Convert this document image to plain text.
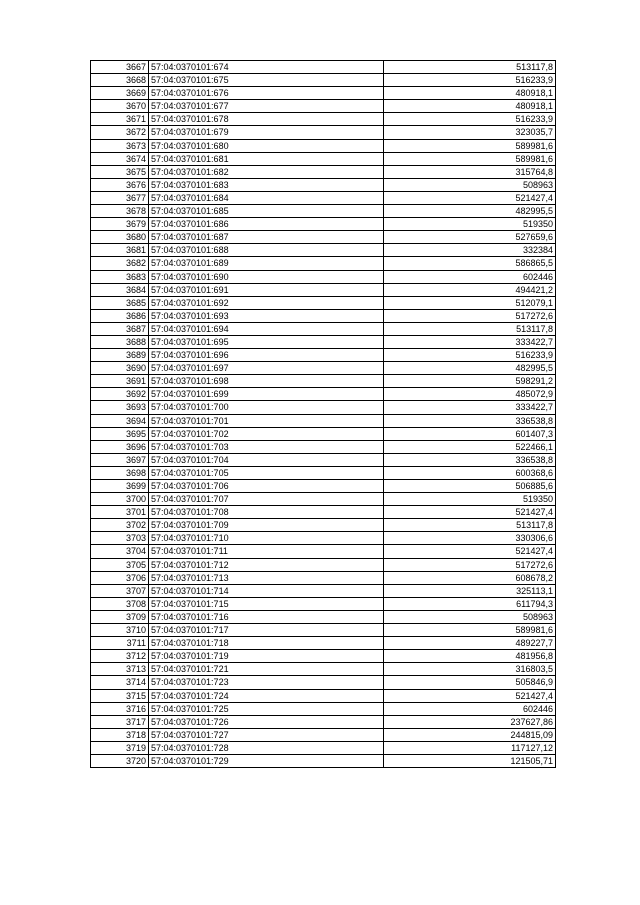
3667	57:04:0370101:674	513117,8
3668	57:04:0370101:675	516233,9
3669	57:04:0370101:676	480918,1
3670	57:04:0370101:677	480918,1
3671	57:04:0370101:678	516233,9
3672	57:04:0370101:679	323035,7
3673	57:04:0370101:680	589981,6
3674	57:04:0370101:681	589981,6
3675	57:04:0370101:682	315764,8
3676	57:04:0370101:683	508963
3677	57:04:0370101:684	521427,4
3678	57:04:0370101:685	482995,5
3679	57:04:0370101:686	519350
3680	57:04:0370101:687	527659,6
3681	57:04:0370101:688	332384
3682	57:04:0370101:689	586865,5
3683	57:04:0370101:690	602446
3684	57:04:0370101:691	494421,2
3685	57:04:0370101:692	512079,1
3686	57:04:0370101:693	517272,6
3687	57:04:0370101:694	513117,8
3688	57:04:0370101:695	333422,7
3689	57:04:0370101:696	516233,9
3690	57:04:0370101:697	482995,5
3691	57:04:0370101:698	598291,2
3692	57:04:0370101:699	485072,9
3693	57:04:0370101:700	333422,7
3694	57:04:0370101:701	336538,8
3695	57:04:0370101:702	601407,3
3696	57:04:0370101:703	522466,1
3697	57:04:0370101:704	336538,8
3698	57:04:0370101:705	600368,6
3699	57:04:0370101:706	506885,6
3700	57:04:0370101:707	519350
3701	57:04:0370101:708	521427,4
3702	57:04:0370101:709	513117,8
3703	57:04:0370101:710	330306,6
3704	57:04:0370101:711	521427,4
3705	57:04:0370101:712	517272,6
3706	57:04:0370101:713	608678,2
3707	57:04:0370101:714	325113,1
3708	57:04:0370101:715	611794,3
3709	57:04:0370101:716	508963
3710	57:04:0370101:717	589981,6
3711	57:04:0370101:718	489227,7
3712	57:04:0370101:719	481956,8
3713	57:04:0370101:721	316803,5
3714	57:04:0370101:723	505846,9
3715	57:04:0370101:724	521427,4
3716	57:04:0370101:725	602446
3717	57:04:0370101:726	237627,86
3718	57:04:0370101:727	244815,09
3719	57:04:0370101:728	117127,12
3720	57:04:0370101:729	121505,71
